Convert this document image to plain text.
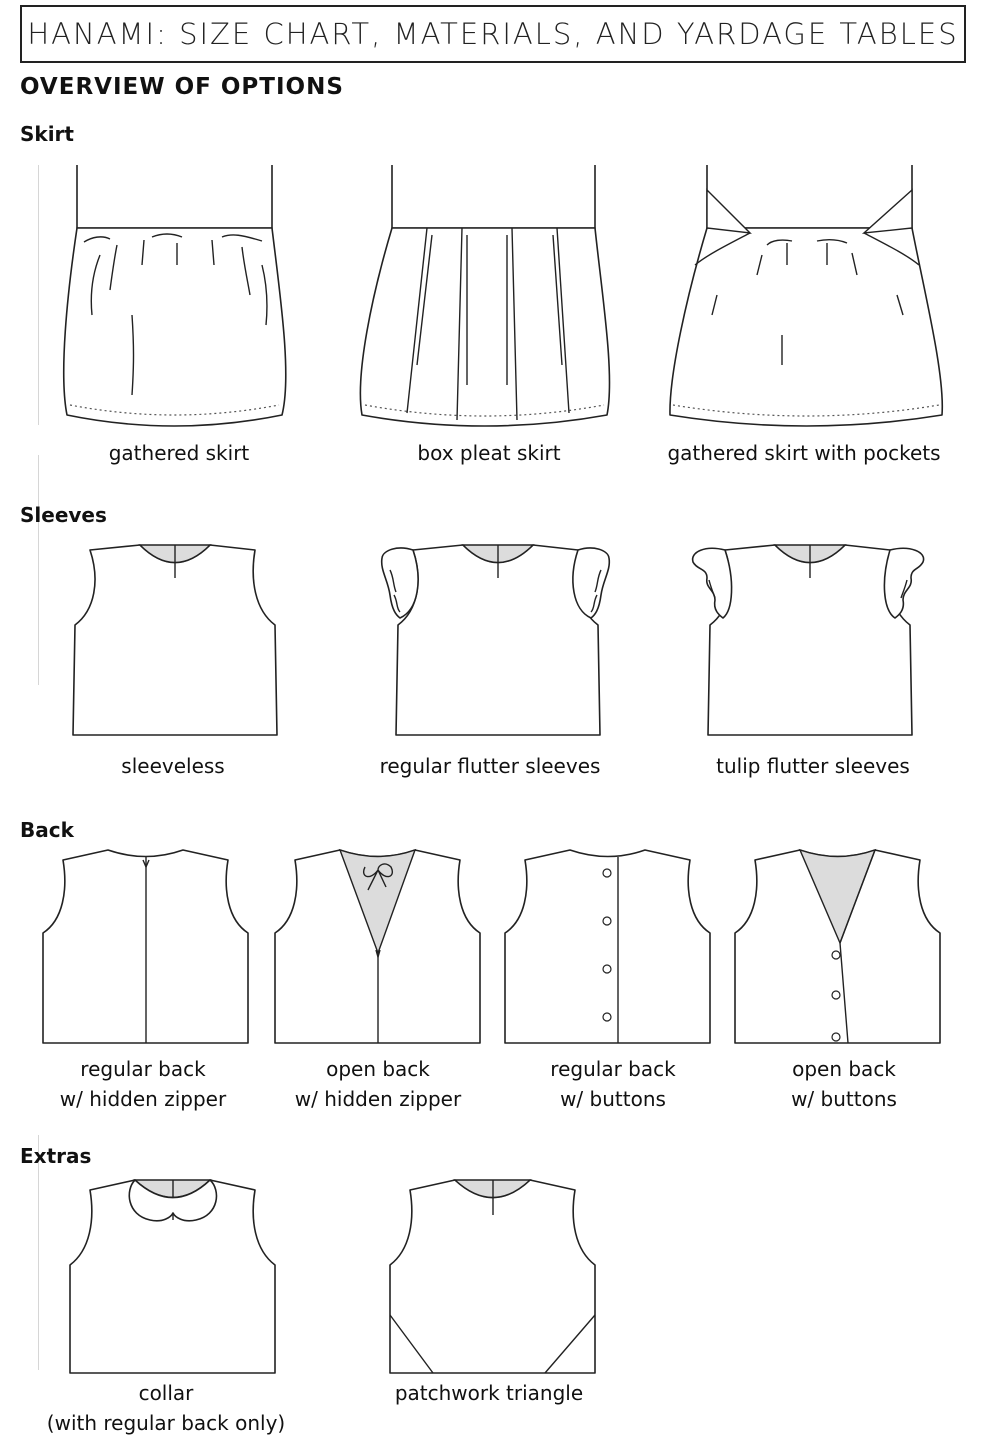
HANAMI: SIZE CHART, MATERIALS, AND YARDAGE TABLES
OVERVIEW OF OPTIONS
Skirt
gathered skirt	box pleat skirt	gathered skirt with pockets
Sleeves
sleeveless	regular flutter sleeves	tulip flutter sleeves
Back
regular back
w/ hidden zipper
open back
w/ hidden zipper
regular back
w/ buttons
open back
w/ buttons
Extras
collar
(with regular back only)
patchwork triangle
